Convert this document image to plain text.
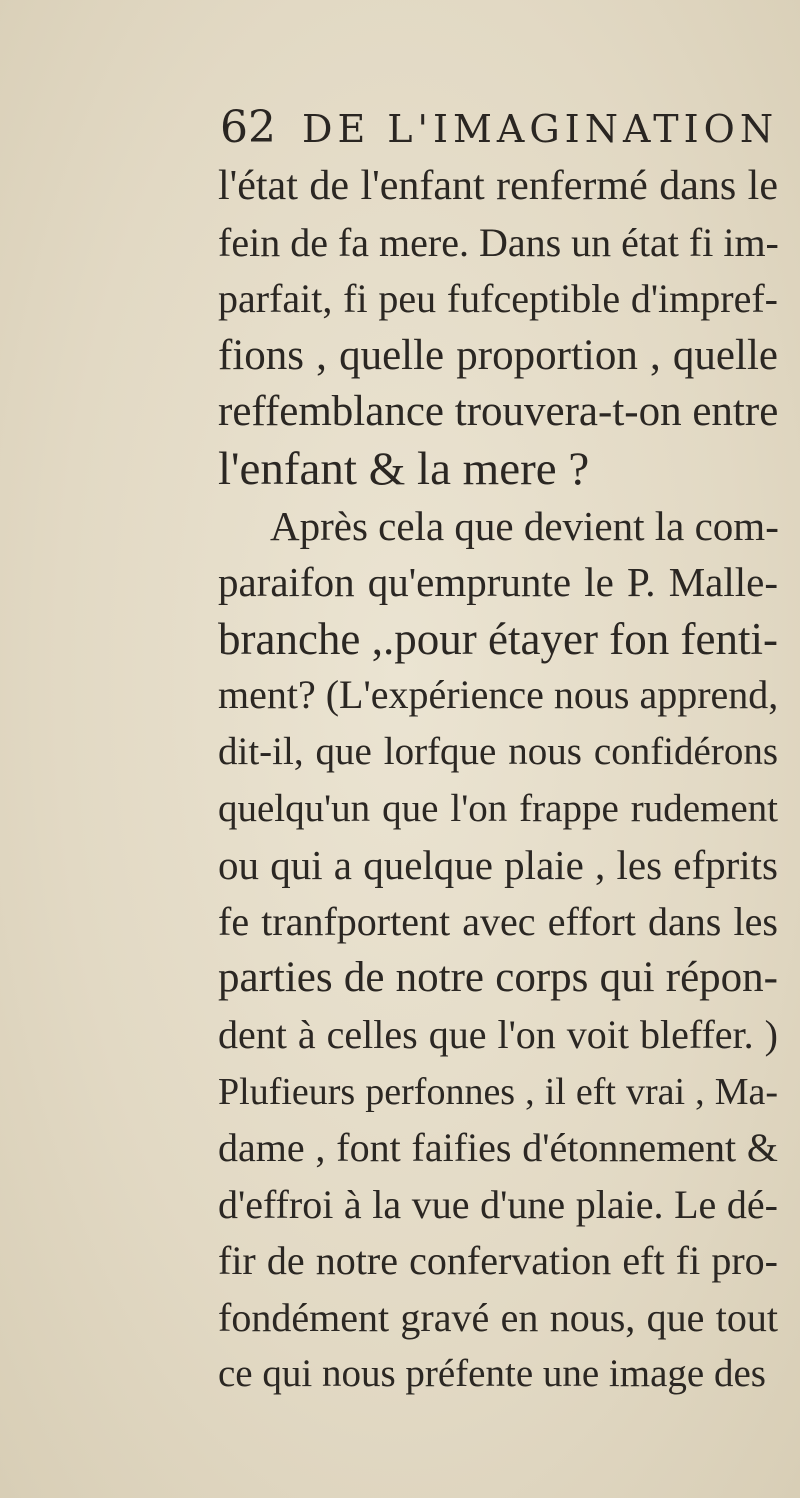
62 DE L'IMAGINATION
l'état de l'enfant renfermé dans le
fein de fa mere. Dans un état fi im-
parfait, fi peu fufceptible d'impref-
fions , quelle proportion , quelle
reffemblance trouvera-t-on entre
l'enfant & la mere ?
Après cela que devient la com-
paraifon qu'emprunte le P. Malle-
branche ,.pour étayer fon fenti-
ment? (L'expérience nous apprend,
dit-il, que lorfque nous confidérons
quelqu'un que l'on frappe rudement
ou qui a quelque plaie , les efprits
fe tranfportent avec effort dans les
parties de notre corps qui répon-
dent à celles que l'on voit bleffer. )
Plufieurs perfonnes , il eft vrai , Ma-
dame , font faifies d'étonnement &
d'effroi à la vue d'une plaie. Le dé-
fir de notre confervation eft fi pro-
fondément gravé en nous, que tout
ce qui nous préfente une image des
